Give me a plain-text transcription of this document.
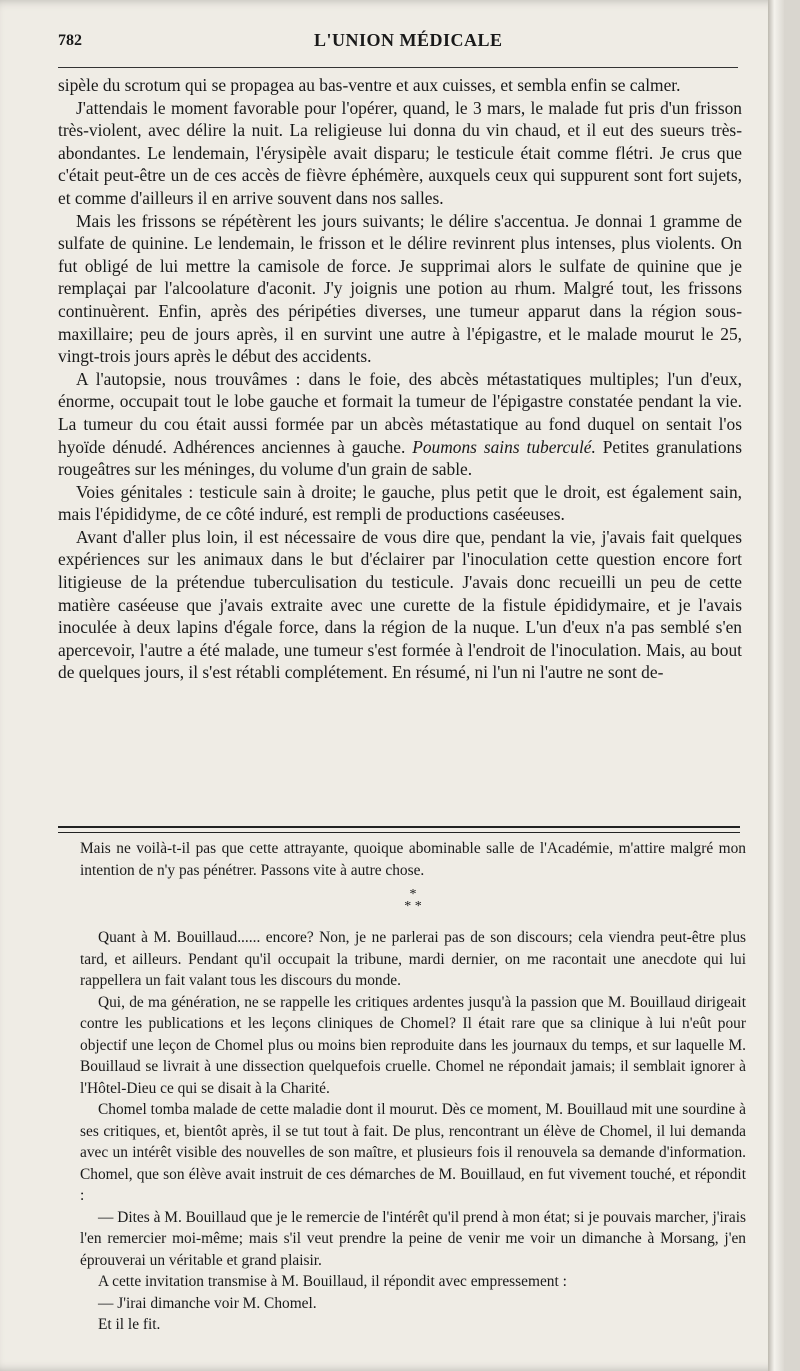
782	L'UNION MÉDICALE

sipèle du scrotum qui se propagea au bas-ventre et aux cuisses, et sembla enfin se calmer.

J'attendais le moment favorable pour l'opérer, quand, le 3 mars, le malade fut pris d'un frisson très-violent, avec délire la nuit. La religieuse lui donna du vin chaud, et il eut des sueurs très-abondantes. Le lendemain, l'érysipèle avait disparu; le testicule était comme flétri. Je crus que c'était peut-être un de ces accès de fièvre éphémère, auxquels ceux qui suppurent sont fort sujets, et comme d'ailleurs il en arrive souvent dans nos salles.

Mais les frissons se répétèrent les jours suivants; le délire s'accentua. Je donnai 1 gramme de sulfate de quinine. Le lendemain, le frisson et le délire revinrent plus intenses, plus violents. On fut obligé de lui mettre la camisole de force. Je supprimai alors le sulfate de quinine que je remplaçai par l'alcoolature d'aconit. J'y joignis une potion au rhum. Malgré tout, les frissons continuèrent. Enfin, après des péripéties diverses, une tumeur apparut dans la région sous-maxillaire; peu de jours après, il en survint une autre à l'épigastre, et le malade mourut le 25, vingt-trois jours après le début des accidents.

A l'autopsie, nous trouvâmes : dans le foie, des abcès métastatiques multiples; l'un d'eux, énorme, occupait tout le lobe gauche et formait la tumeur de l'épigastre constatée pendant la vie. La tumeur du cou était aussi formée par un abcès métastatique au fond duquel on sentait l'os hyoïde dénudé. Adhérences anciennes à gauche. Poumons sains tuberculé. Petites granulations rougeâtres sur les méninges, du volume d'un grain de sable.

Voies génitales : testicule sain à droite; le gauche, plus petit que le droit, est également sain, mais l'épididyme, de ce côté induré, est rempli de productions caséeuses.

Avant d'aller plus loin, il est nécessaire de vous dire que, pendant la vie, j'avais fait quelques expériences sur les animaux dans le but d'éclairer par l'inoculation cette question encore fort litigieuse de la prétendue tuberculisation du testicule. J'avais donc recueilli un peu de cette matière caséeuse que j'avais extraite avec une curette de la fistule épididymaire, et je l'avais inoculée à deux lapins d'égale force, dans la région de la nuque. L'un d'eux n'a pas semblé s'en apercevoir, l'autre a été malade, une tumeur s'est formée à l'endroit de l'inoculation. Mais, au bout de quelques jours, il s'est rétabli complétement. En résumé, ni l'un ni l'autre ne sont de-

Mais ne voilà-t-il pas que cette attrayante, quoique abominable salle de l'Académie, m'attire malgré mon intention de n'y pas pénétrer. Passons vite à autre chose.

*
* *

Quant à M. Bouillaud...... encore? Non, je ne parlerai pas de son discours; cela viendra peut-être plus tard, et ailleurs. Pendant qu'il occupait la tribune, mardi dernier, on me racontait une anecdote qui lui rappellera un fait valant tous les discours du monde.

Qui, de ma génération, ne se rappelle les critiques ardentes jusqu'à la passion que M. Bouillaud dirigeait contre les publications et les leçons cliniques de Chomel? Il était rare que sa clinique à lui n'eût pour objectif une leçon de Chomel plus ou moins bien reproduite dans les journaux du temps, et sur laquelle M. Bouillaud se livrait à une dissection quelquefois cruelle. Chomel ne répondait jamais; il semblait ignorer à l'Hôtel-Dieu ce qui se disait à la Charité.

Chomel tomba malade de cette maladie dont il mourut. Dès ce moment, M. Bouillaud mit une sourdine à ses critiques, et, bientôt après, il se tut tout à fait. De plus, rencontrant un élève de Chomel, il lui demanda avec un intérêt visible des nouvelles de son maître, et plusieurs fois il renouvela sa demande d'information. Chomel, que son élève avait instruit de ces démarches de M. Bouillaud, en fut vivement touché, et répondit :

— Dites à M. Bouillaud que je le remercie de l'intérêt qu'il prend à mon état; si je pouvais marcher, j'irais l'en remercier moi-même; mais s'il veut prendre la peine de venir me voir un dimanche à Morsang, j'en éprouverai un véritable et grand plaisir.

A cette invitation transmise à M. Bouillaud, il répondit avec empressement :

— J'irai dimanche voir M. Chomel.

Et il le fit.
